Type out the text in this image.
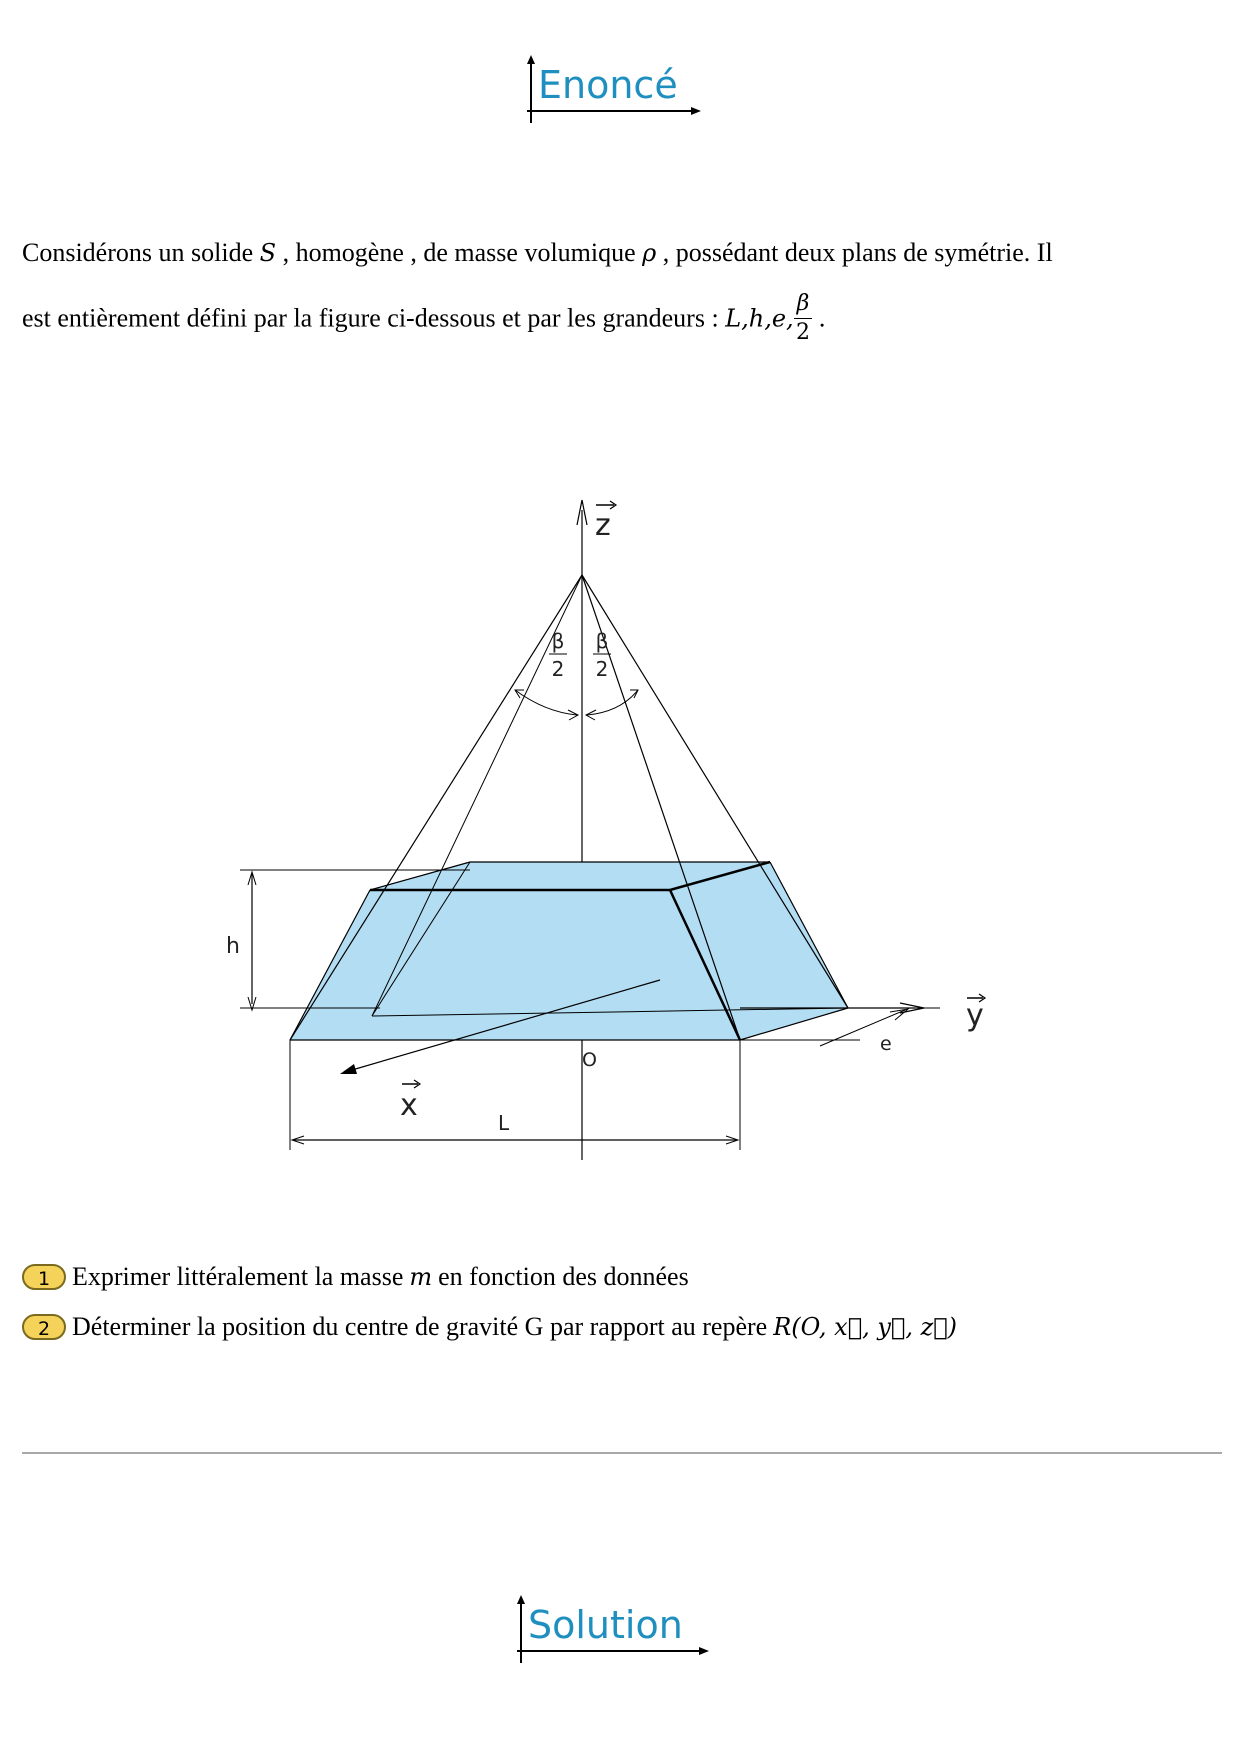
Enoncé
Considérons un solide S , homogène , de masse volumique ρ , possédant deux plans de symétrie. Il
est entièrement défini par la figure ci-dessous et par les grandeurs : L,h,e, $\frac{\beta}{2}$ .
h
e
L
O
β
2
β
2
z
y
x
1 Exprimer littéralement la masse m en fonction des données
2 Déterminer la position du centre de gravité G par rapport au repère R(O, x⃗, y⃗, z⃗)
Solution
